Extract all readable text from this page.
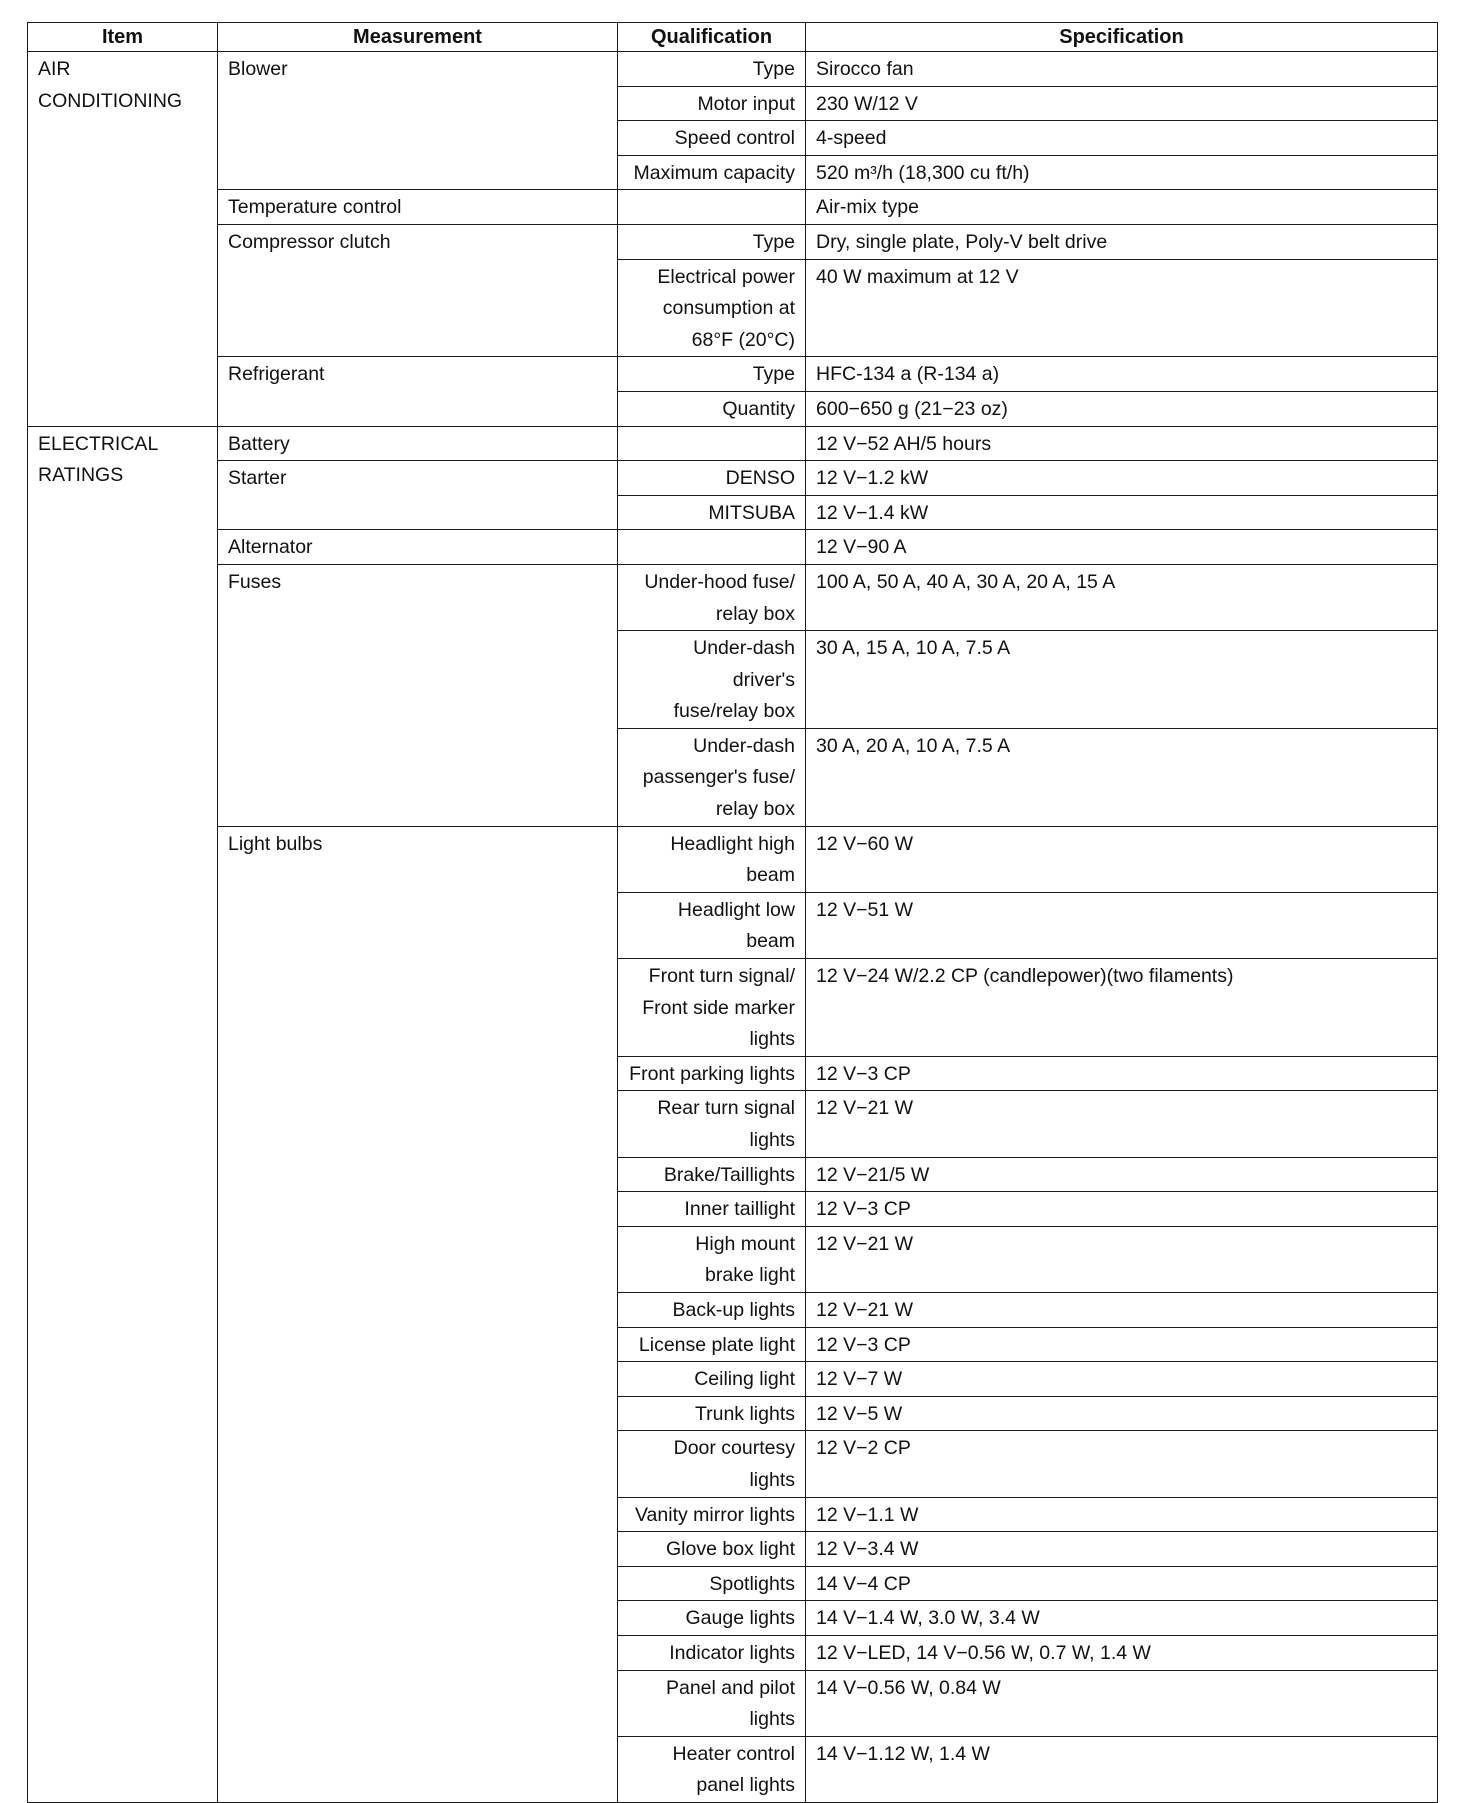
Item	Measurement	Qualification	Specification
AIR
CONDITIONING	Blower	Type	Sirocco fan
		Motor input	230 W/12 V
		Speed control	4-speed
		Maximum capacity	520 m³/h (18,300 cu ft/h)
	Temperature control		Air-mix type
	Compressor clutch	Type	Dry, single plate, Poly-V belt drive
		Electrical power
consumption at
68°F (20°C)	40 W maximum at 12 V
	Refrigerant	Type	HFC-134 a (R-134 a)
		Quantity	600−650 g (21−23 oz)
ELECTRICAL
RATINGS	Battery		12 V−52 AH/5 hours
	Starter	DENSO	12 V−1.2 kW
		MITSUBA	12 V−1.4 kW
	Alternator		12 V−90 A
	Fuses	Under-hood fuse/
relay box	100 A, 50 A, 40 A, 30 A, 20 A, 15 A
		Under-dash driver's
fuse/relay box	30 A, 15 A, 10 A, 7.5 A
		Under-dash
passenger's fuse/
relay box	30 A, 20 A, 10 A, 7.5 A
	Light bulbs	Headlight high
beam	12 V−60 W
		Headlight low
beam	12 V−51 W
		Front turn signal/
Front side marker
lights	12 V−24 W/2.2 CP (candlepower)(two filaments)
		Front parking lights	12 V−3 CP
		Rear turn signal
lights	12 V−21 W
		Brake/Taillights	12 V−21/5 W
		Inner taillight	12 V−3 CP
		High mount
brake light	12 V−21 W
		Back-up lights	12 V−21 W
		License plate light	12 V−3 CP
		Ceiling light	12 V−7 W
		Trunk lights	12 V−5 W
		Door courtesy
lights	12 V−2 CP
		Vanity mirror lights	12 V−1.1 W
		Glove box light	12 V−3.4 W
		Spotlights	14 V−4 CP
		Gauge lights	14 V−1.4 W, 3.0 W, 3.4 W
		Indicator lights	12 V−LED, 14 V−0.56 W, 0.7 W, 1.4 W
		Panel and pilot
lights	14 V−0.56 W, 0.84 W
		Heater control
panel lights	14 V−1.12 W, 1.4 W
